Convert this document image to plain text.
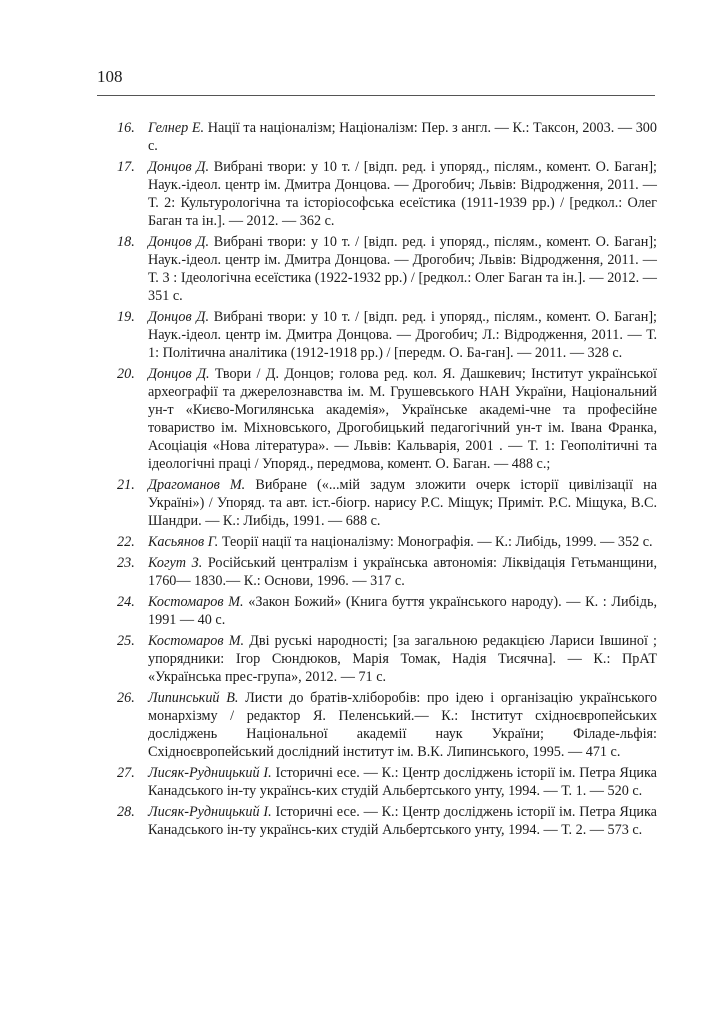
108
16. Гелнер Е. Нації та націоналізм; Націоналізм: Пер. з англ. — К.: Таксон, 2003. — 300 с.
17. Донцов Д. Вибрані твори: у 10 т. / [відп. ред. і упоряд., післям., комент. О. Баган]; Наук.-ідеол. центр ім. Дмитра Донцова. — Дрогобич; Львів: Відродження, 2011. — Т. 2: Культурологічна та історіософська есеїстика (1911-1939 рр.) / [редкол.: Олег Баган та ін.]. — 2012. — 362 с.
18. Донцов Д. Вибрані твори: у 10 т. / [відп. ред. і упоряд., післям., комент. О. Баган]; Наук.-ідеол. центр ім. Дмитра Донцова. — Дрогобич; Львів: Відродження, 2011. — Т. 3 : Ідеологічна есеїстика (1922-1932 рр.) / [редкол.: Олег Баган та ін.]. — 2012. — 351 с.
19. Донцов Д. Вибрані твори: у 10 т. / [відп. ред. і упоряд., післям., комент. О. Баган]; Наук.-ідеол. центр ім. Дмитра Донцова. — Дрогобич; Л.: Відродження, 2011. — Т. 1: Політична аналітика (1912-1918 рр.) / [передм. О. Ба-ган]. — 2011. — 328 с.
20. Донцов Д. Твори / Д. Донцов; голова ред. кол. Я. Дашкевич; Інститут української археографії та джерелознавства ім. М. Грушевського НАН України, Національний ун-т «Києво-Могилянська академія», Українське академі-чне та професійне товариство ім. Міхновського, Дрогобицький педагогічний ун-т ім. Івана Франка, Асоціація «Нова література». — Львів: Кальварія, 2001 . — Т. 1: Геополітичні та ідеологічні праці / Упоряд., передмова, комент. О. Баган. — 488 с.;
21. Драгоманов М. Вибране («...мій задум зложити очерк історії цивілізації на Україні») / Упоряд. та авт. іст.-біогр. нарису Р.С. Міщук; Приміт. Р.С. Міщука, В.С. Шандри. — К.: Либідь, 1991. — 688 с.
22. Касьянов Г. Теорії нації та націоналізму: Монографія. — К.: Либідь, 1999. — 352 с.
23. Когут З. Російський централізм і українська автономія: Ліквідація Гетьманщини, 1760— 1830.— К.: Основи, 1996. — 317 с.
24. Костомаров М. «Закон Божий» (Книга буття українського народу). — К. : Либідь, 1991 — 40 с.
25. Костомаров М. Дві руські народності; [за загальною редакцією Лариси Івшиної ; упорядники: Ігор Сюндюков, Марія Томак, Надія Тисячна]. — К.: ПрАТ «Українська прес-група», 2012. — 71 с.
26. Липинський В. Листи до братів-хліборобів: про ідею і організацію українського монархізму / редактор Я. Пеленський.— К.: Інститут східноєвропейських досліджень Національної академії наук України; Філаде-льфія: Східноєвропейський дослідний інститут ім. В.К. Липинського, 1995. — 471 с.
27. Лисяк-Рудницький І. Історичні есе. — К.: Центр досліджень історії ім. Петра Яцика Канадського ін-ту українсь-ких студій Альбертського унту, 1994. — Т. 1. — 520 с.
28. Лисяк-Рудницький І. Історичні есе. — К.: Центр досліджень історії ім. Петра Яцика Канадського ін-ту українсь-ких студій Альбертського унту, 1994. — Т. 2. — 573 с.
